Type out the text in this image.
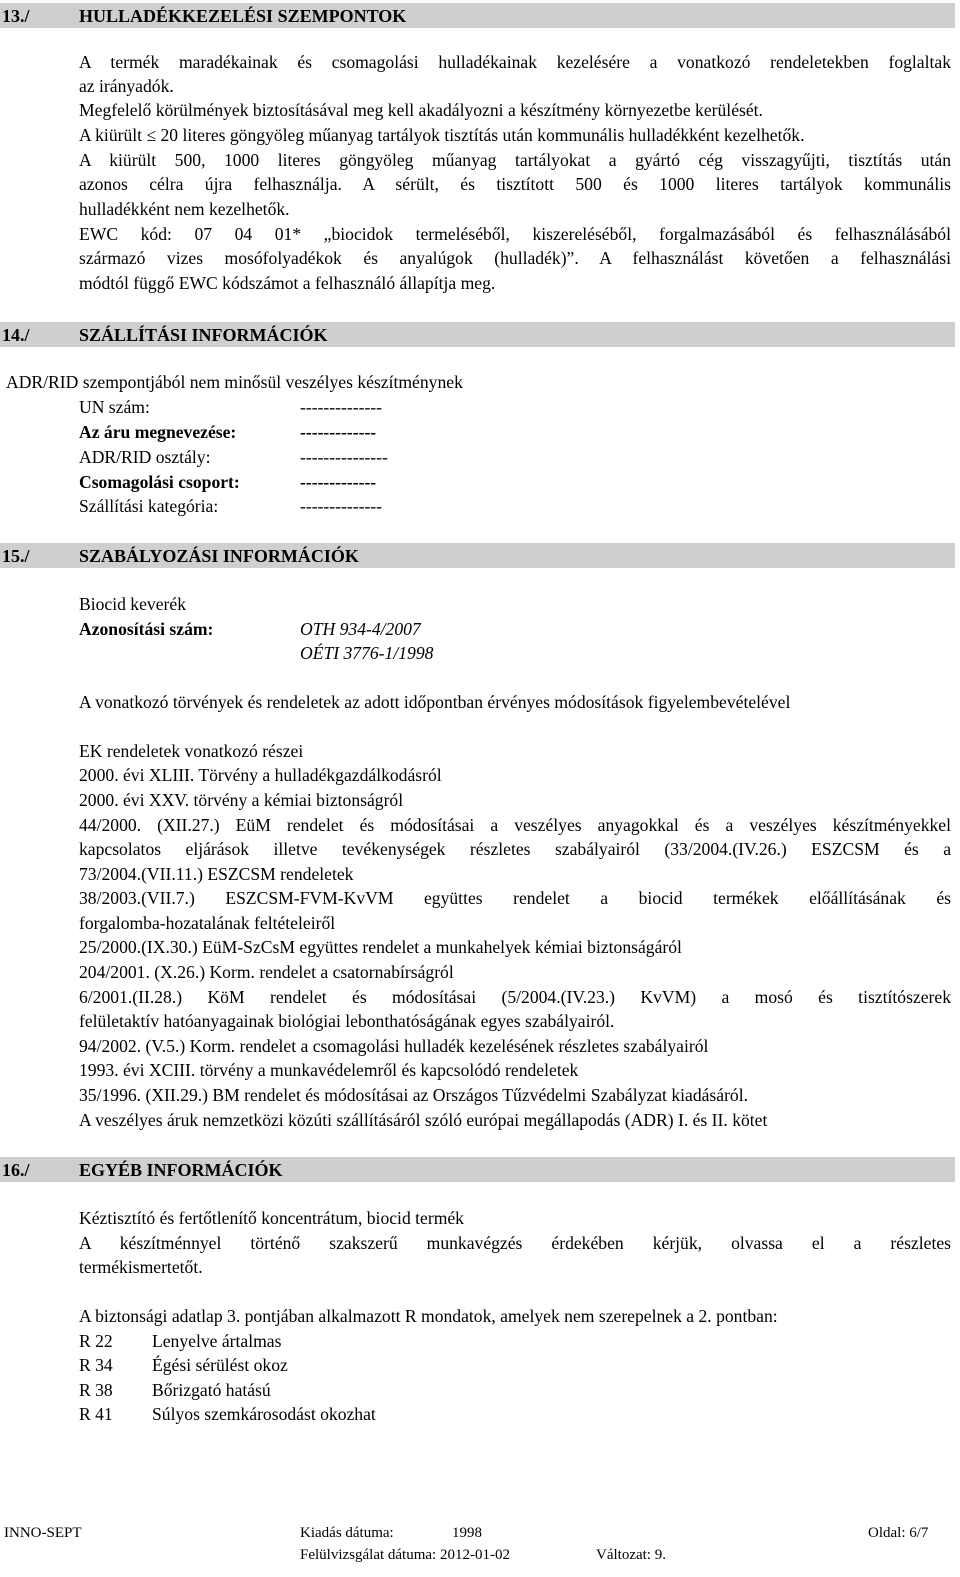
13./	HULLADÉKKEZELÉSI SZEMPONTOK
A termék maradékainak és csomagolási hulladékainak kezelésére a vonatkozó rendeletekben foglaltak
az irányadók.
Megfelelő körülmények biztosításával meg kell akadályozni a készítmény környezetbe kerülését.
A kiürült ≤ 20 literes göngyöleg műanyag tartályok tisztítás után kommunális hulladékként kezelhetők.
A kiürült 500, 1000 literes göngyöleg műanyag tartályokat a gyártó cég visszagyűjti, tisztítás után
azonos célra újra felhasználja. A sérült, és tisztított 500 és 1000 literes tartályok kommunális
hulladékként nem kezelhetők.
EWC kód: 07 04 01* „biocidok termeléséből, kiszereléséből, forgalmazásából és felhasználásából
származó vizes mosófolyadékok és anyalúgok (hulladék)”. A felhasználást követően a felhasználási
módtól függő EWC kódszámot a felhasználó állapítja meg.
14./	SZÁLLÍTÁSI INFORMÁCIÓK
ADR/RID szempontjából nem minősül veszélyes készítménynek
UN szám:	--------------
Az áru megnevezése:	-------------
ADR/RID osztály:	---------------
Csomagolási csoport:	-------------
Szállítási kategória:	--------------
15./	SZABÁLYOZÁSI INFORMÁCIÓK
Biocid keverék
Azonosítási szám:	OTH 934-4/2007
OÉTI 3776-1/1998
A vonatkozó törvények és rendeletek az adott időpontban érvényes módosítások figyelembevételével
EK rendeletek vonatkozó részei
2000. évi XLIII. Törvény a hulladékgazdálkodásról
2000. évi XXV. törvény a kémiai biztonságról
44/2000. (XII.27.) EüM rendelet és módosításai a veszélyes anyagokkal és a veszélyes készítményekkel
kapcsolatos eljárások illetve tevékenységek részletes szabályairól (33/2004.(IV.26.) ESZCSM és a
73/2004.(VII.11.) ESZCSM rendeletek
38/2003.(VII.7.) ESZCSM-FVM-KvVM együttes rendelet a biocid termékek előállításának és
forgalomba-hozatalának feltételeiről
25/2000.(IX.30.) EüM-SzCsM együttes rendelet a munkahelyek kémiai biztonságáról
204/2001. (X.26.) Korm. rendelet a csatornabírságról
6/2001.(II.28.) KöM rendelet és módosításai (5/2004.(IV.23.) KvVM) a mosó és tisztítószerek
felületaktív hatóanyagainak biológiai lebonthatóságának egyes szabályairól.
94/2002. (V.5.) Korm. rendelet a csomagolási hulladék kezelésének részletes szabályairól
1993. évi XCIII. törvény a munkavédelemről és kapcsolódó rendeletek
35/1996. (XII.29.) BM rendelet és módosításai az Országos Tűzvédelmi Szabályzat kiadásáról.
A veszélyes áruk nemzetközi közúti szállításáról szóló európai megállapodás (ADR) I. és II. kötet
16./	EGYÉB INFORMÁCIÓK
Kéztisztító és fertőtlenítő koncentrátum, biocid termék
A készítménnyel történő szakszerű munkavégzés érdekében kérjük, olvassa el a részletes
termékismertetőt.
A biztonsági adatlap 3. pontjában alkalmazott R mondatok, amelyek nem szerepelnek a 2. pontban:
R 22 Lenyelve ártalmas
R 34 Égési sérülést okoz
R 38 Bőrizgató hatású
R 41 Súlyos szemkárosodást okozhat
INNO-SEPT	Kiadás dátuma:	1998	Oldal: 6/7
Felülvizsgálat dátuma: 2012-01-02	Változat: 9.
